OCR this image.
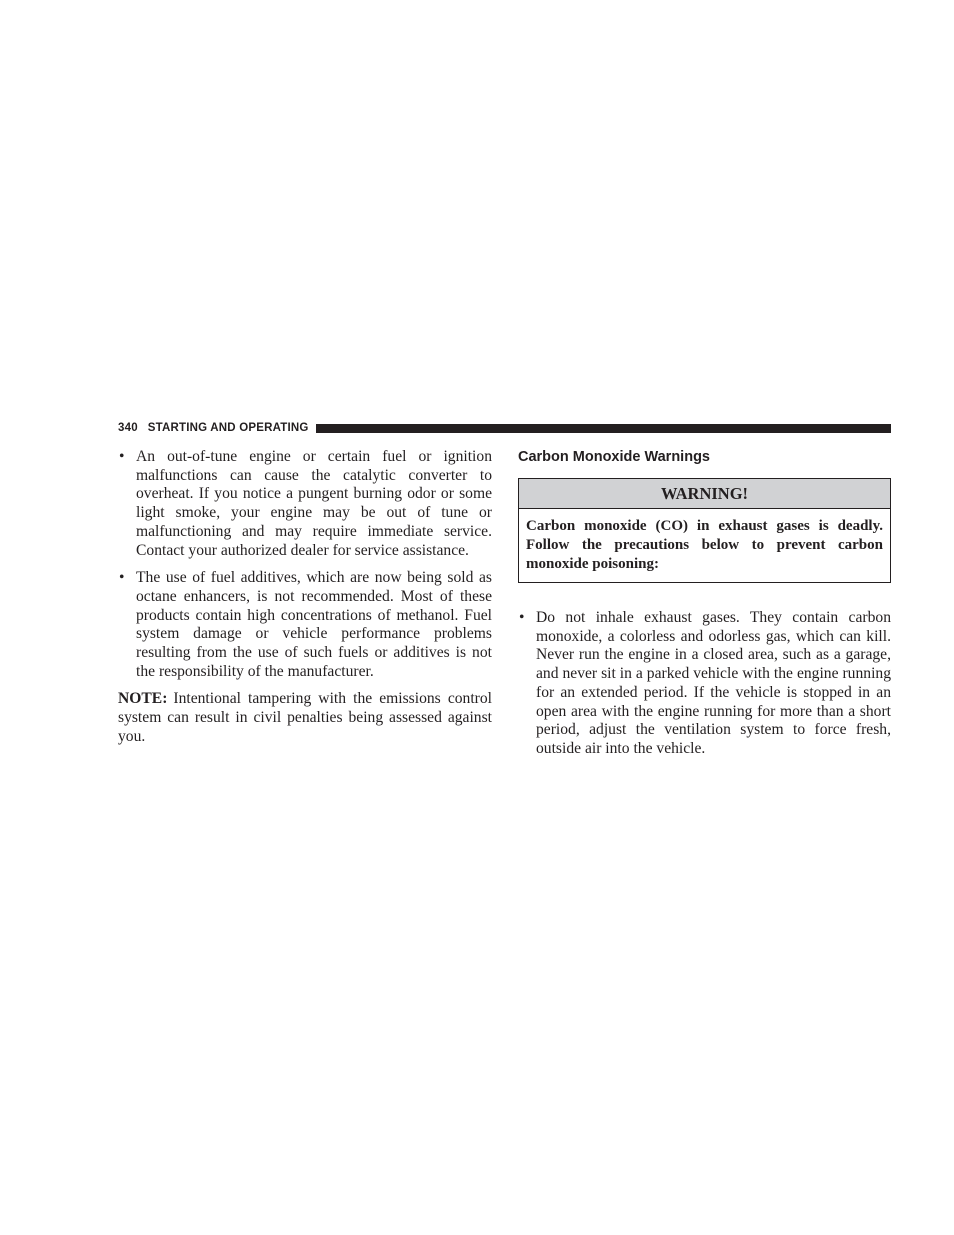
340 STARTING AND OPERATING
• An out-of-tune engine or certain fuel or ignition malfunctions can cause the catalytic converter to overheat. If you notice a pungent burning odor or some light smoke, your engine may be out of tune or malfunctioning and may require immediate service. Contact your authorized dealer for service assistance.
• The use of fuel additives, which are now being sold as octane enhancers, is not recommended. Most of these products contain high concentrations of methanol. Fuel system damage or vehicle performance problems resulting from the use of such fuels or additives is not the responsibility of the manufacturer.
NOTE: Intentional tampering with the emissions control system can result in civil penalties being assessed against you.
Carbon Monoxide Warnings
WARNING!
Carbon monoxide (CO) in exhaust gases is deadly. Follow the precautions below to prevent carbon monoxide poisoning:
• Do not inhale exhaust gases. They contain carbon monoxide, a colorless and odorless gas, which can kill. Never run the engine in a closed area, such as a garage, and never sit in a parked vehicle with the engine running for an extended period. If the vehicle is stopped in an open area with the engine running for more than a short period, adjust the ventilation system to force fresh, outside air into the vehicle.
